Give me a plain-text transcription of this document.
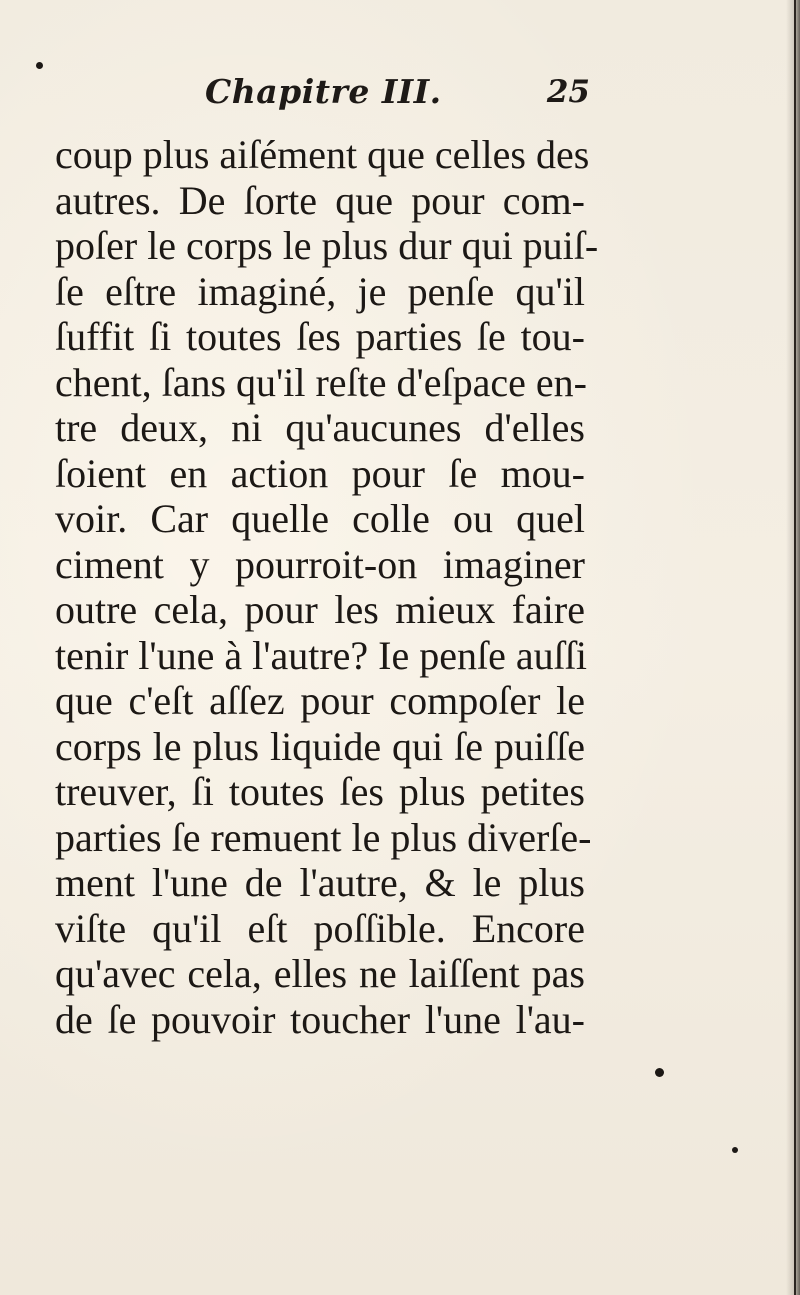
Chapitre III.	25
coup plus aiſément que celles des
autres. De ſorte que pour com-
poſer le corps le plus dur qui puiſ-
ſe eſtre imaginé, je penſe qu'il
ſuffit ſi toutes ſes parties ſe tou-
chent, ſans qu'il reſte d'eſpace en-
tre deux, ni qu'aucunes d'elles
ſoient en action pour ſe mou-
voir. Car quelle colle ou quel
ciment y pourroit-on imaginer
outre cela, pour les mieux faire
tenir l'une à l'autre? Ie penſe auſſi
que c'eſt aſſez pour compoſer le
corps le plus liquide qui ſe puiſſe
treuver, ſi toutes ſes plus petites
parties ſe remuent le plus diverſe-
ment l'une de l'autre, & le plus
viſte qu'il eſt poſſible. Encore
qu'avec cela, elles ne laiſſent pas
de ſe pouvoir toucher l'une l'au-
